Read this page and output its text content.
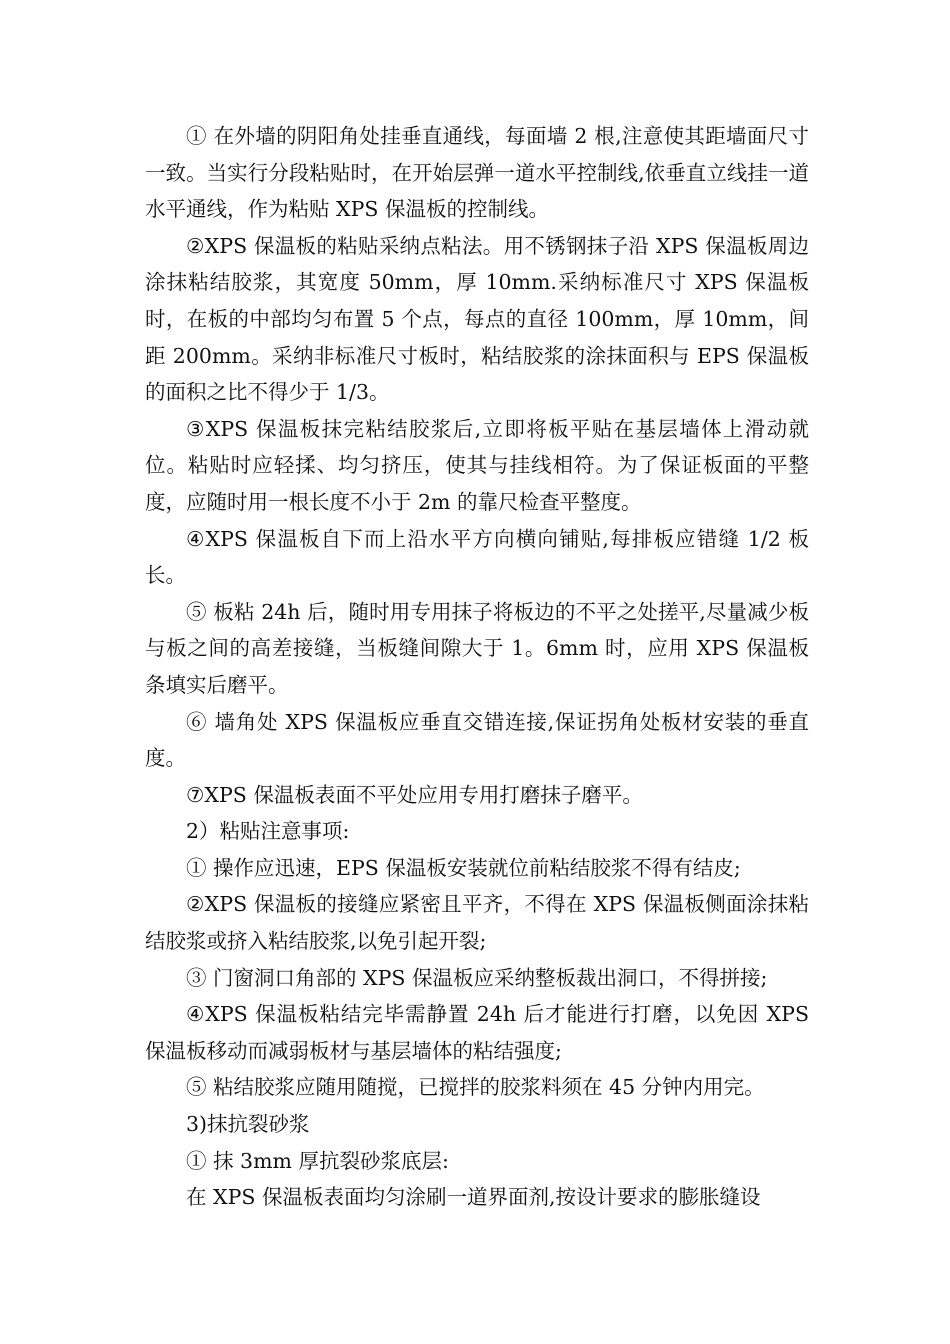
① 在外墙的阴阳角处挂垂直通线，每面墙 2 根,注意使其距墙面尺寸一致。当实行分段粘贴时，在开始层弹一道水平控制线,依垂直立线挂一道水平通线，作为粘贴 XPS 保温板的控制线。

②XPS 保温板的粘贴采纳点粘法。用不锈钢抹子沿 XPS 保温板周边涂抹粘结胶浆，其宽度 50mm，厚 10mm.采纳标准尺寸 XPS 保温板时，在板的中部均匀布置 5 个点，每点的直径 100mm，厚 10mm，间距 200mm。采纳非标准尺寸板时，粘结胶浆的涂抹面积与 EPS 保温板的面积之比不得少于 1/3。

③XPS 保温板抹完粘结胶浆后,立即将板平贴在基层墙体上滑动就位。粘贴时应轻揉、均匀挤压，使其与挂线相符。为了保证板面的平整度，应随时用一根长度不小于 2m 的靠尺检查平整度。

④XPS 保温板自下而上沿水平方向横向铺贴,每排板应错缝 1/2 板长。

⑤ 板粘 24h 后，随时用专用抹子将板边的不平之处搓平,尽量减少板与板之间的高差接缝，当板缝间隙大于 1。6mm 时，应用 XPS 保温板条填实后磨平。

⑥ 墙角处 XPS 保温板应垂直交错连接,保证拐角处板材安装的垂直度。

⑦XPS 保温板表面不平处应用专用打磨抹子磨平。

2）粘贴注意事项:

① 操作应迅速，EPS 保温板安装就位前粘结胶浆不得有结皮;

②XPS 保温板的接缝应紧密且平齐，不得在 XPS 保温板侧面涂抹粘结胶浆或挤入粘结胶浆,以免引起开裂;

③ 门窗洞口角部的 XPS 保温板应采纳整板裁出洞口，不得拼接;

④XPS 保温板粘结完毕需静置 24h 后才能进行打磨，以免因 XPS 保温板移动而减弱板材与基层墙体的粘结强度;

⑤ 粘结胶浆应随用随搅，已搅拌的胶浆料须在 45 分钟内用完。

3)抹抗裂砂浆

① 抹 3mm 厚抗裂砂浆底层:

在 XPS 保温板表面均匀涂刷一道界面剂,按设计要求的膨胀缝设
